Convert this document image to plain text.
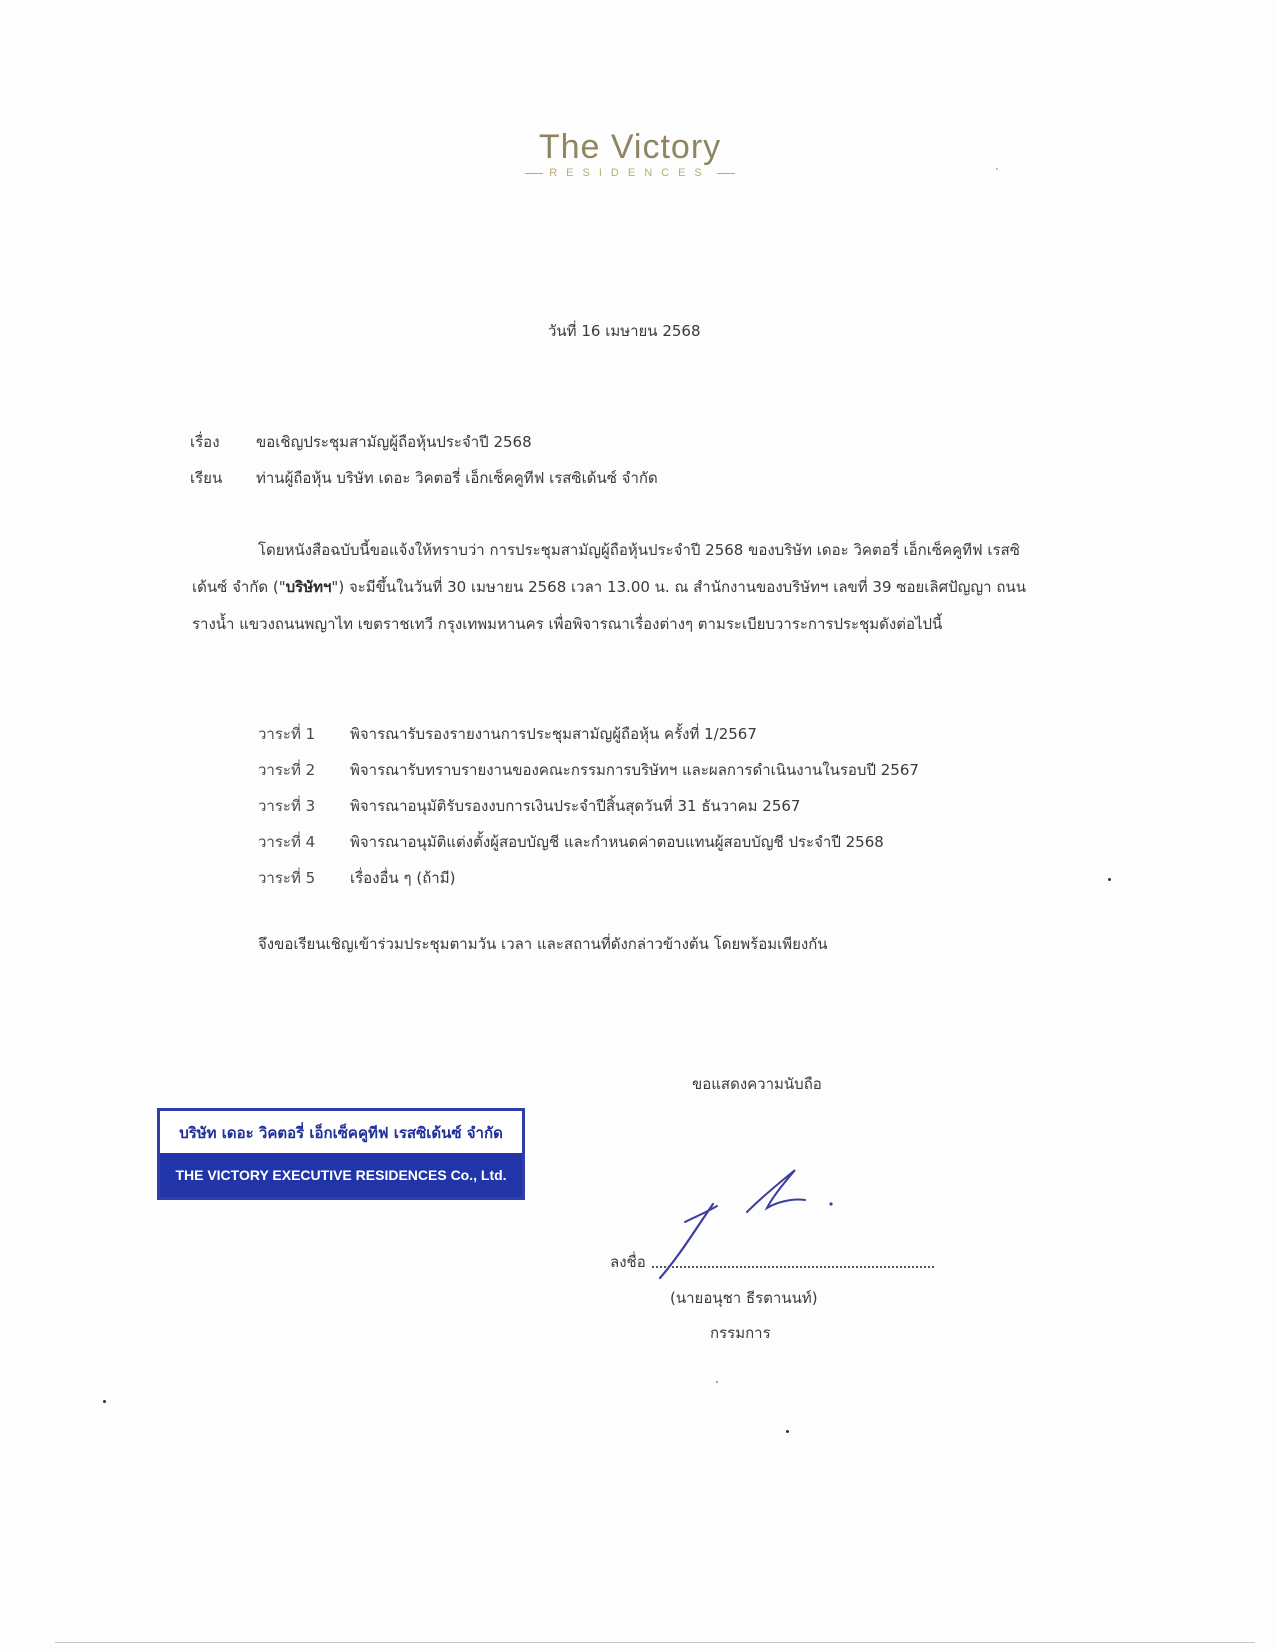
The Victory
RESIDENCES
วันที่ 16 เมษายน 2568
เรื่อง ขอเชิญประชุมสามัญผู้ถือหุ้นประจำปี 2568
เรียน ท่านผู้ถือหุ้น บริษัท เดอะ วิคตอรี่ เอ็กเซ็คคูทีฟ เรสซิเด้นซ์ จำกัด
โดยหนังสือฉบับนี้ขอแจ้งให้ทราบว่า การประชุมสามัญผู้ถือหุ้นประจำปี 2568 ของบริษัท เดอะ วิคตอรี่ เอ็กเซ็คคูทีฟ เรสซิเด้นซ์ จำกัด ("บริษัทฯ") จะมีขึ้นในวันที่ 30 เมษายน 2568 เวลา 13.00 น. ณ สำนักงานของบริษัทฯ เลขที่ 39 ซอยเลิศปัญญา ถนนรางน้ำ แขวงถนนพญาไท เขตราชเทวี กรุงเทพมหานคร เพื่อพิจารณาเรื่องต่างๆ ตามระเบียบวาระการประชุมดังต่อไปนี้
วาระที่ 1 พิจารณารับรองรายงานการประชุมสามัญผู้ถือหุ้น ครั้งที่ 1/2567
วาระที่ 2 พิจารณารับทราบรายงานของคณะกรรมการบริษัทฯ และผลการดำเนินงานในรอบปี 2567
วาระที่ 3 พิจารณาอนุมัติรับรองงบการเงินประจำปีสิ้นสุดวันที่ 31 ธันวาคม 2567
วาระที่ 4 พิจารณาอนุมัติแต่งตั้งผู้สอบบัญชี และกำหนดค่าตอบแทนผู้สอบบัญชี ประจำปี 2568
วาระที่ 5 เรื่องอื่น ๆ (ถ้ามี)
จึงขอเรียนเชิญเข้าร่วมประชุมตามวัน เวลา และสถานที่ดังกล่าวข้างต้น โดยพร้อมเพียงกัน
ขอแสดงความนับถือ
บริษัท เดอะ วิคตอรี่ เอ็กเซ็คคูทีฟ เรสซิเด้นซ์ จำกัด
THE VICTORY EXECUTIVE RESIDENCES Co., Ltd.
ลงชื่อ
(นายอนุชา ธีรตานนท์)
กรรมการ
